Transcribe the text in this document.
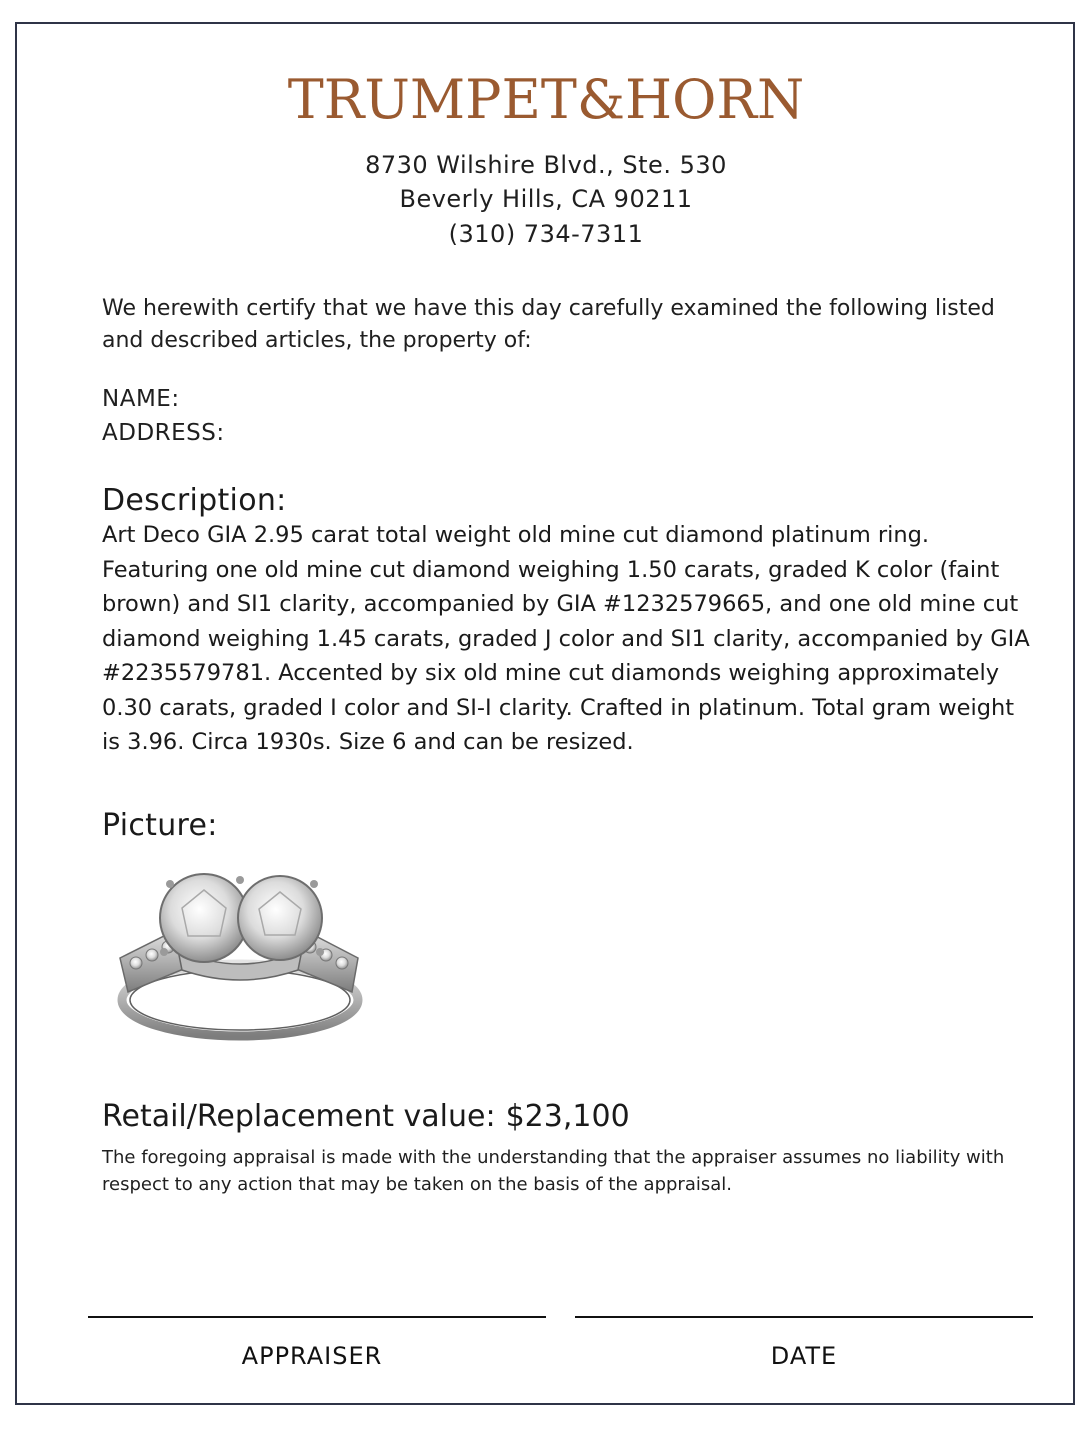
TRUMPET&HORN
8730 Wilshire Blvd., Ste. 530
Beverly Hills, CA 90211
(310) 734-7311
We herewith certify that we have this day carefully examined the following listed and described articles, the property of:
NAME:
ADDRESS:
Description:
Art Deco GIA 2.95 carat total weight old mine cut diamond platinum ring. Featuring one old mine cut diamond weighing 1.50 carats, graded K color (faint brown) and SI1 clarity, accompanied by GIA #1232579665, and one old mine cut diamond weighing 1.45 carats, graded J color and SI1 clarity, accompanied by GIA #2235579781. Accented by six old mine cut diamonds weighing approximately 0.30 carats, graded I color and SI-I clarity. Crafted in platinum. Total gram weight is 3.96. Circa 1930s. Size 6 and can be resized.
Picture:
Retail/Replacement value: $23,100
The foregoing appraisal is made with the understanding that the appraiser assumes no liability with respect to any action that may be taken on the basis of the appraisal.
APPRAISER	DATE
